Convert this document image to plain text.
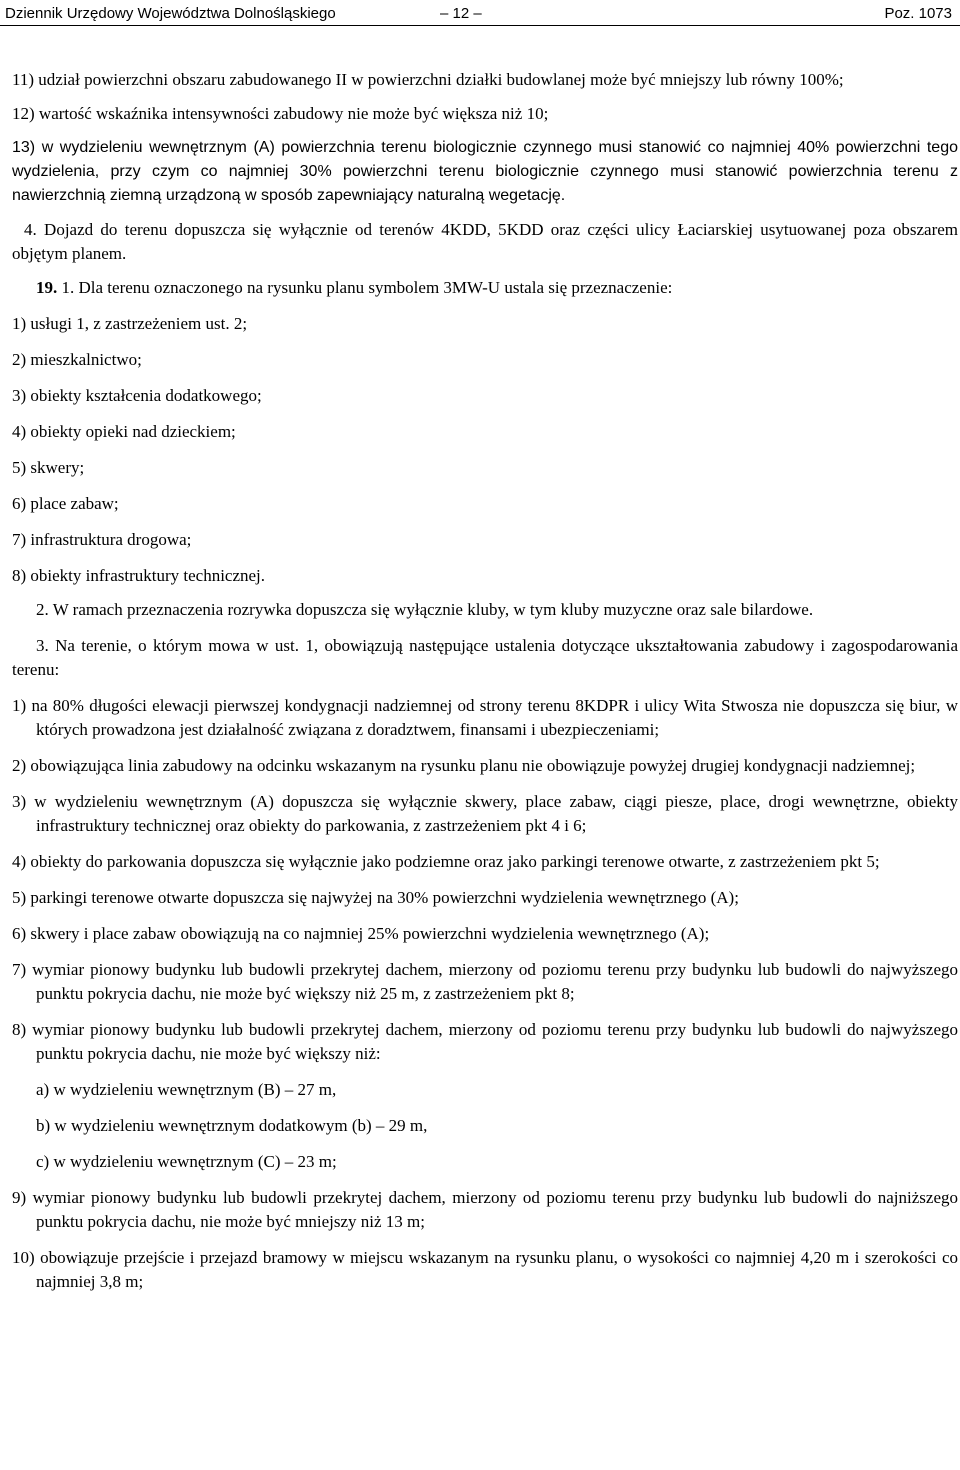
Dziennik Urzędowy Województwa Dolnośląskiego	– 12 –	Poz. 1073

11) udział powierzchni obszaru zabudowanego II w powierzchni działki budowlanej może być mniejszy lub równy 100%;

12) wartość wskaźnika intensywności zabudowy nie może być większa niż 10;

13) w wydzieleniu wewnętrznym (A) powierzchnia terenu biologicznie czynnego musi stanowić co najmniej 40% powierzchni tego wydzielenia, przy czym co najmniej 30% powierzchni terenu biologicznie czynnego musi stanowić powierzchnia terenu z nawierzchnią ziemną urządzoną w sposób zapewniający naturalną wegetację.

4. Dojazd do terenu dopuszcza się wyłącznie od terenów 4KDD, 5KDD oraz części ulicy Łaciarskiej usytuowanej poza obszarem objętym planem.

19. 1. Dla terenu oznaczonego na rysunku planu symbolem 3MW-U ustala się przeznaczenie:

1) usługi 1, z zastrzeżeniem ust. 2;

2) mieszkalnictwo;

3) obiekty kształcenia dodatkowego;

4) obiekty opieki nad dzieckiem;

5) skwery;

6) place zabaw;

7) infrastruktura drogowa;

8) obiekty infrastruktury technicznej.

2. W ramach przeznaczenia rozrywka dopuszcza się wyłącznie kluby, w tym kluby muzyczne oraz sale bilardowe.

3. Na terenie, o którym mowa w ust. 1, obowiązują następujące ustalenia dotyczące ukształtowania zabudowy i zagospodarowania terenu:

1) na 80% długości elewacji pierwszej kondygnacji nadziemnej od strony terenu 8KDPR i ulicy Wita Stwosza nie dopuszcza się biur, w których prowadzona jest działalność związana z doradztwem, finansami i ubezpieczeniami;

2) obowiązująca linia zabudowy na odcinku wskazanym na rysunku planu nie obowiązuje powyżej drugiej kondygnacji nadziemnej;

3) w wydzieleniu wewnętrznym (A) dopuszcza się wyłącznie skwery, place zabaw, ciągi piesze, place, drogi wewnętrzne, obiekty infrastruktury technicznej oraz obiekty do parkowania, z zastrzeżeniem pkt 4 i 6;

4) obiekty do parkowania dopuszcza się wyłącznie jako podziemne oraz jako parkingi terenowe otwarte, z zastrzeżeniem pkt 5;

5) parkingi terenowe otwarte dopuszcza się najwyżej na 30% powierzchni wydzielenia wewnętrznego (A);

6) skwery i place zabaw obowiązują na co najmniej 25% powierzchni wydzielenia wewnętrznego (A);

7) wymiar pionowy budynku lub budowli przekrytej dachem, mierzony od poziomu terenu przy budynku lub budowli do najwyższego punktu pokrycia dachu, nie może być większy niż 25 m, z zastrzeżeniem pkt 8;

8) wymiar pionowy budynku lub budowli przekrytej dachem, mierzony od poziomu terenu przy budynku lub budowli do najwyższego punktu pokrycia dachu, nie może być większy niż:

a) w wydzieleniu wewnętrznym (B) – 27 m,

b) w wydzieleniu wewnętrznym dodatkowym (b) – 29 m,

c) w wydzieleniu wewnętrznym (C) – 23 m;

9) wymiar pionowy budynku lub budowli przekrytej dachem, mierzony od poziomu terenu przy budynku lub budowli do najniższego punktu pokrycia dachu, nie może być mniejszy niż 13 m;

10) obowiązuje przejście i przejazd bramowy w miejscu wskazanym na rysunku planu, o wysokości co najmniej 4,20 m i szerokości co najmniej 3,8 m;
